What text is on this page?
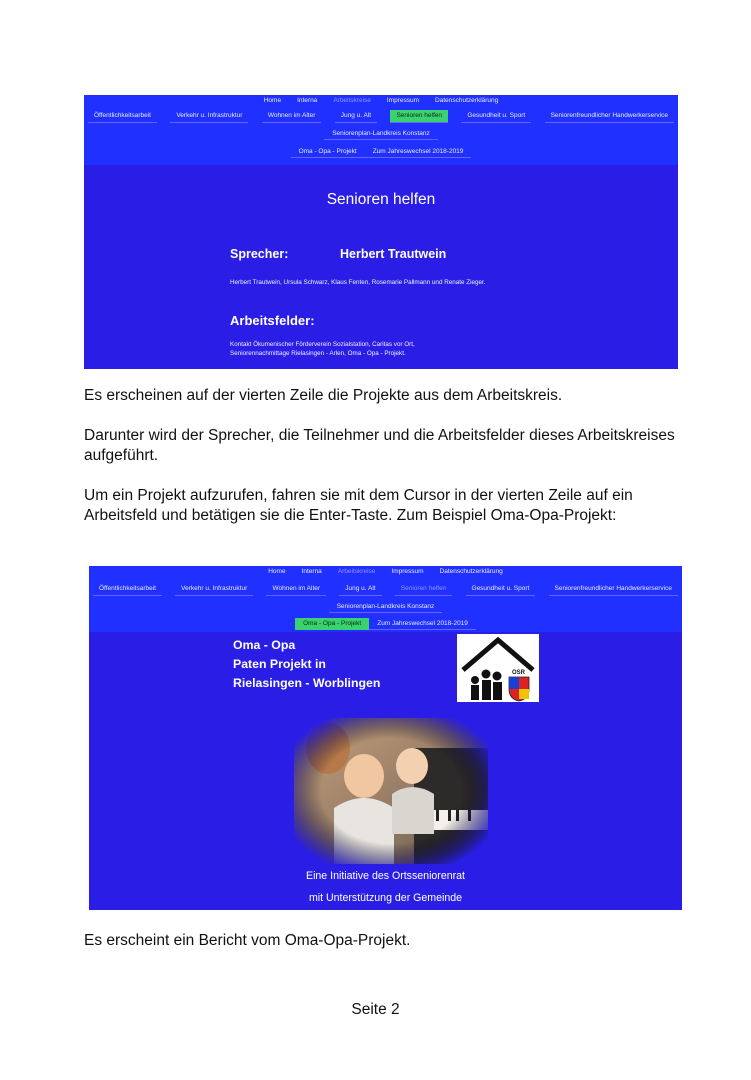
Home	Interna	Arbeitskreise	Impressum	Datenschutzerklärung
Öffentlichkeitsarbeit	Verkehr u. Infrastruktur	Wohnen im Alter	Jung u. Alt	Senioren helfen	Gesundheit u. Sport	Seniorenfreundlicher Handwerkerservice
Seniorenplan-Landkreis Konstanz
Oma - Opa - Projekt	Zum Jahreswechsel 2018-2019
Senioren helfen
Sprecher:	Herbert Trautwein
Herbert Trautwein, Ursula Schwarz, Klaus Fenten, Rosemarie Pallmann und Renate Zieger.
Arbeitsfelder:
Kontakt Ökumenischer Förderverein Sozialstation, Caritas vor Ort,
Seniorennachmittage Rielasingen - Arlen, Oma - Opa - Projekt.
Es erscheinen auf der vierten Zeile die Projekte aus dem Arbeitskreis.
Darunter wird der Sprecher, die Teilnehmer und die Arbeitsfelder dieses Arbeitskreises aufgeführt.
Um ein Projekt aufzurufen, fahren sie mit dem Cursor in der vierten Zeile auf ein Arbeitsfeld und betätigen sie die Enter-Taste. Zum Beispiel Oma-Opa-Projekt:
Home	Interna	Arbeitskreise	Impressum	Datenschutzerklärung
Öffentlichkeitsarbeit	Verkehr u. Infrastruktur	Wohnen im Alter	Jung u. Alt	Senioren helfen	Gesundheit u. Sport	Seniorenfreundlicher Handwerkerservice
Seniorenplan-Landkreis Konstanz
Oma - Opa - Projekt	Zum Jahreswechsel 2018-2019
Oma - Opa
Paten Projekt in
Rielasingen - Worblingen
OSR
Eine Initiative des Ortsseniorenrat
mit Unterstützung der Gemeinde
Es erscheint ein Bericht vom Oma-Opa-Projekt.
Seite 2
